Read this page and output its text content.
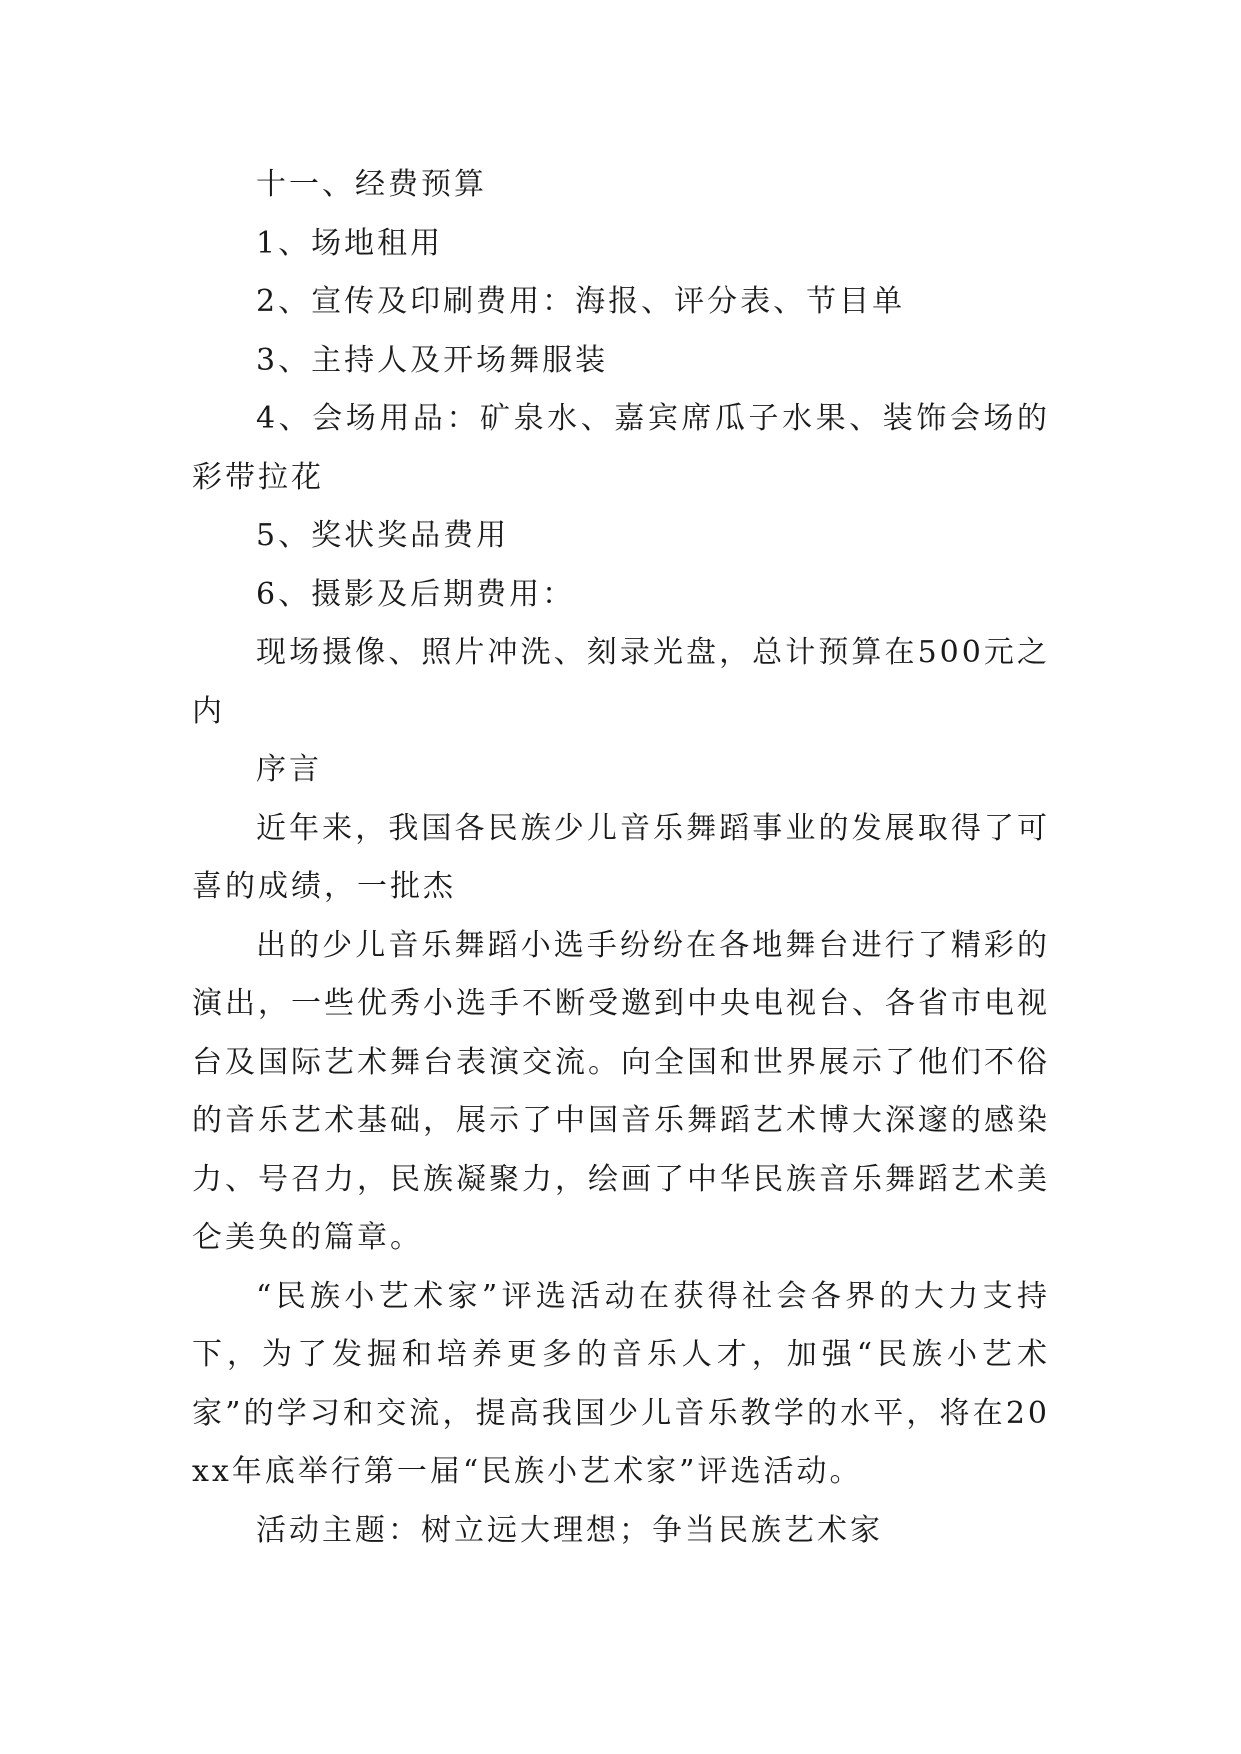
十一、经费预算

1、场地租用

2、宣传及印刷费用：海报、评分表、节目单

3、主持人及开场舞服装

4、会场用品：矿泉水、嘉宾席瓜子水果、装饰会场的彩带拉花

5、奖状奖品费用

6、摄影及后期费用：

现场摄像、照片冲洗、刻录光盘，总计预算在500元之内

序言

近年来，我国各民族少儿音乐舞蹈事业的发展取得了可喜的成绩，一批杰

出的少儿音乐舞蹈小选手纷纷在各地舞台进行了精彩的演出，一些优秀小选手不断受邀到中央电视台、各省市电视台及国际艺术舞台表演交流。向全国和世界展示了他们不俗的音乐艺术基础，展示了中国音乐舞蹈艺术博大深邃的感染力、号召力，民族凝聚力，绘画了中华民族音乐舞蹈艺术美仑美奂的篇章。

“民族小艺术家”评选活动在获得社会各界的大力支持下，为了发掘和培养更多的音乐人才，加强“民族小艺术家”的学习和交流，提高我国少儿音乐教学的水平，将在20xx年底举行第一届“民族小艺术家”评选活动。

活动主题：树立远大理想；争当民族艺术家
